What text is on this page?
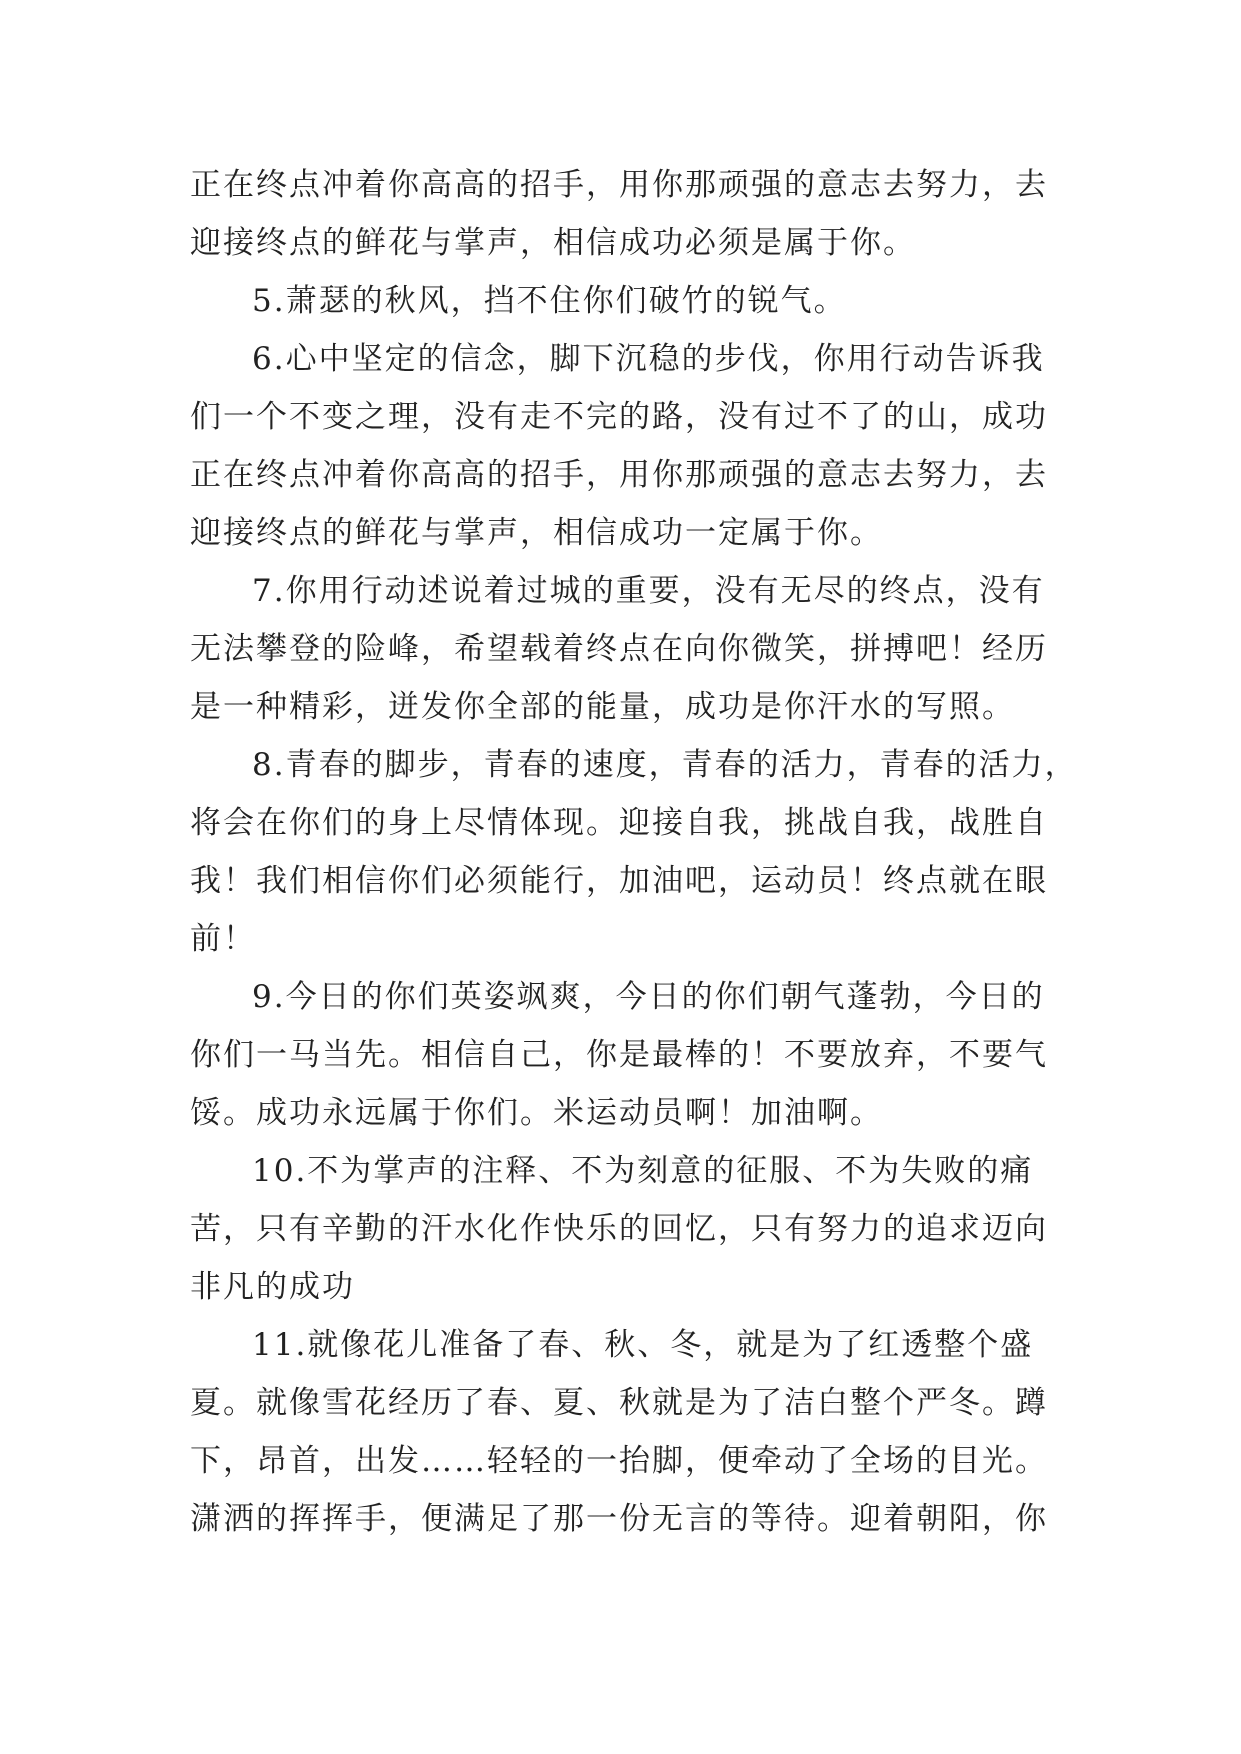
正在终点冲着你高高的招手，用你那顽强的意志去努力，去
迎接终点的鲜花与掌声，相信成功必须是属于你。
5.萧瑟的秋风，挡不住你们破竹的锐气。
6.心中坚定的信念，脚下沉稳的步伐，你用行动告诉我
们一个不变之理，没有走不完的路，没有过不了的山，成功
正在终点冲着你高高的招手，用你那顽强的意志去努力，去
迎接终点的鲜花与掌声，相信成功一定属于你。
7.你用行动述说着过城的重要，没有无尽的终点，没有
无法攀登的险峰，希望载着终点在向你微笑，拼搏吧！经历
是一种精彩，迸发你全部的能量，成功是你汗水的写照。
8.青春的脚步，青春的速度，青春的活力，青春的活力，
将会在你们的身上尽情体现。迎接自我，挑战自我，战胜自
我！我们相信你们必须能行，加油吧，运动员！终点就在眼
前！
9.今日的你们英姿飒爽，今日的你们朝气蓬勃，今日的
你们一马当先。相信自己，你是最棒的！不要放弃，不要气
馁。成功永远属于你们。米运动员啊！加油啊。
10.不为掌声的注释、不为刻意的征服、不为失败的痛
苦，只有辛勤的汗水化作快乐的回忆，只有努力的追求迈向
非凡的成功
11.就像花儿准备了春、秋、冬，就是为了红透整个盛
夏。就像雪花经历了春、夏、秋就是为了洁白整个严冬。蹲
下，昂首，出发……轻轻的一抬脚，便牵动了全场的目光。
潇洒的挥挥手，便满足了那一份无言的等待。迎着朝阳，你
